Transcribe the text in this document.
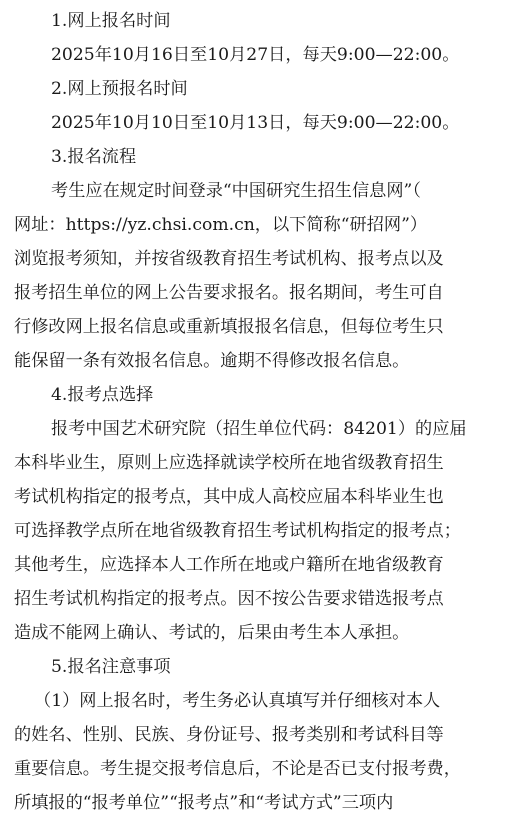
1.网上报名时间
2025年10月16日至10月27日，每天9:00—22:00。
2.网上预报名时间
2025年10月10日至10月13日，每天9:00—22:00。
3.报名流程
考生应在规定时间登录“中国研究生招生信息网”（
网址：https://yz.chsi.com.cn，以下简称“研招网”）
浏览报考须知，并按省级教育招生考试机构、报考点以及
报考招生单位的网上公告要求报名。报名期间，考生可自
行修改网上报名信息或重新填报报名信息，但每位考生只
能保留一条有效报名信息。逾期不得修改报名信息。
4.报考点选择
报考中国艺术研究院（招生单位代码：84201）的应届
本科毕业生，原则上应选择就读学校所在地省级教育招生
考试机构指定的报考点，其中成人高校应届本科毕业生也
可选择教学点所在地省级教育招生考试机构指定的报考点；
其他考生，应选择本人工作所在地或户籍所在地省级教育
招生考试机构指定的报考点。因不按公告要求错选报考点
造成不能网上确认、考试的，后果由考生本人承担。
5.报名注意事项
（1）网上报名时，考生务必认真填写并仔细核对本人
的姓名、性别、民族、身份证号、报考类别和考试科目等
重要信息。考生提交报考信息后，不论是否已支付报考费，
所填报的“报考单位”“报考点”和“考试方式”三项内
